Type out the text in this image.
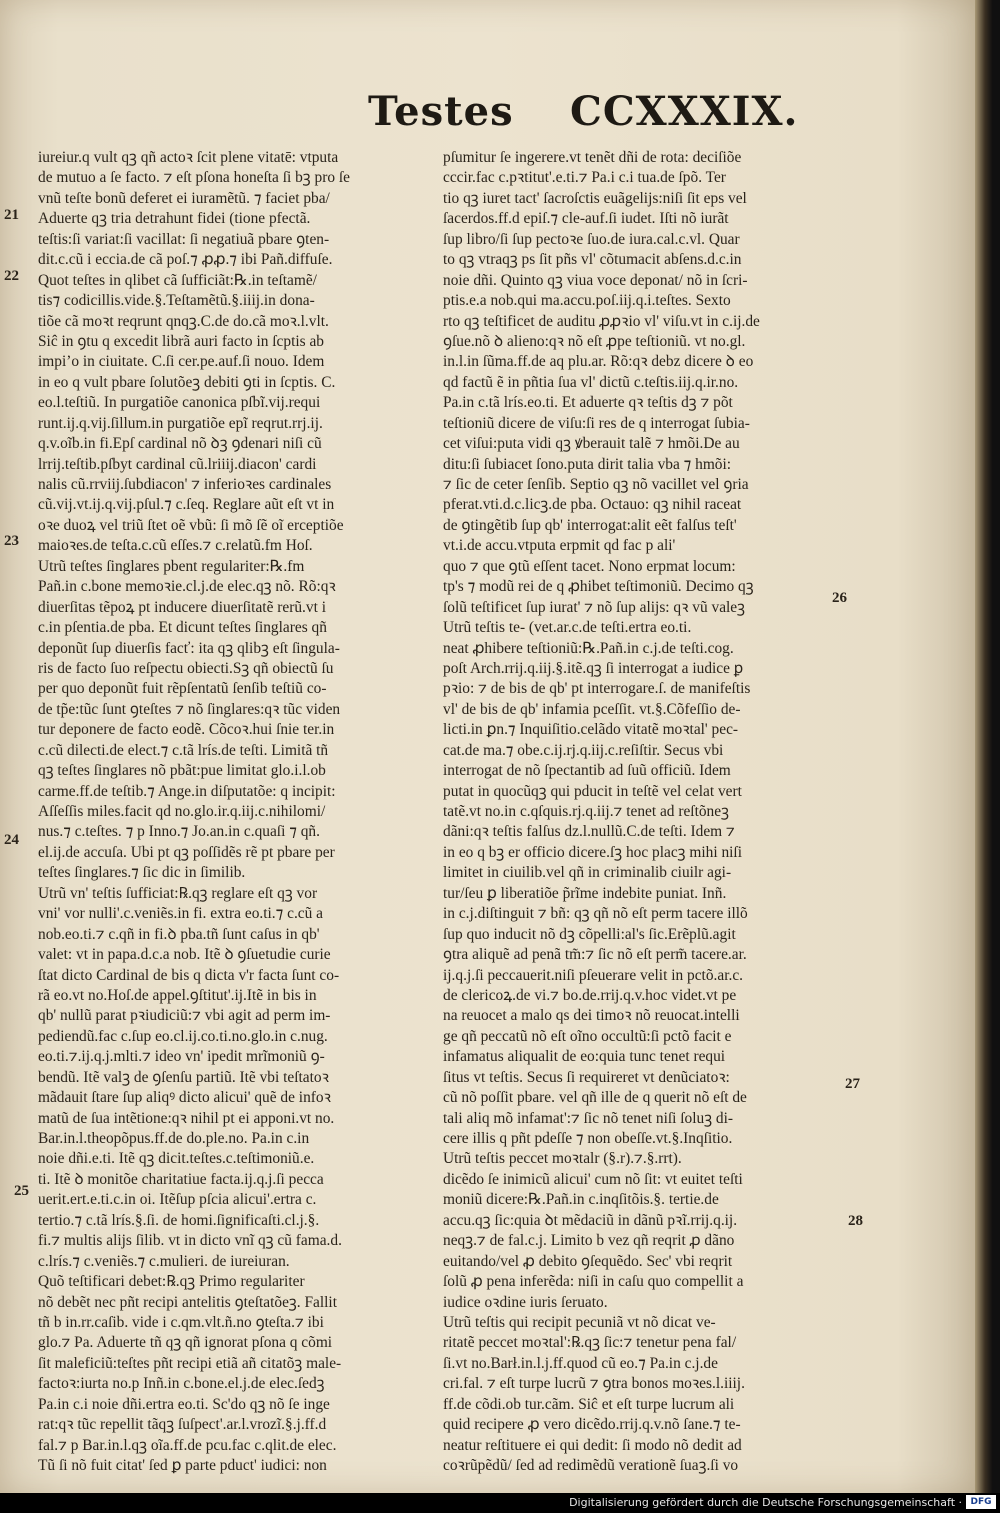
Testes CCXXXIX.
iureiur.q vult qꝫ qñ actoꝛ ſcit plene vitatē: vtputa
de mutuo a ſe facto. ⁊ eſt pſona honeſta ſi bꝫ pro ſe
vnũ teſte bonũ deferet ei iuramẽtũ. ⁊ faciet pba/
Aduerte qꝫ tria detrahunt fidei (tione pfectã.
teſtis:ſi variat:ſi vacillat: ſi negatiuã pbare ꝯten-
dit.c.cũ i eccia.de cã poſ.⁊ ꝓꝓ.⁊ ibi Pañ.diffuſe.
Quot teſtes in qlibet cã ſufficiãt:℞.in teſtamẽ/
tis⁊ codicillis.vide.§.Teſtamẽtũ.§.iiij.in dona-
tiõe cã moꝛt reqrunt qnqꝫ.C.de do.cã moꝛ.l.vlt.
Siĉ in ꝯtu q excedit librã auri facto in ſcptis ab
impiʼo in ciuitate. C.ſi cer.pe.auf.ſi nouo. Idem
in eo q vult pbare ſolutõeꝫ debiti ꝯti in ſcptis. C.
eo.l.teſtiũ. In purgatiõe canonica pſbĩ.vij.requi
runt.ij.q.vij.ſillum.in purgatiõe epĩ reqrut.rrj.ij.
q.v.oĩb.in fi.Epſ cardinal nõ ꝺꝫ ꝯdenari niſi cũ
lrrij.teſtib.pſbyt cardinal cũ.lriiij.diacon' cardi
nalis cũ.rrviij.ſubdiacon' ⁊ inferioꝛes cardinales
cũ.vij.vt.ij.q.vij.pſul.⁊ c.ſeq. Reglare aũt eſt vt in
oꝛe duoꝝ vel triũ ſtet oẽ vbũ: ſi mõ ſẽ oĩ erceptiõe
maioꝛes.de teſta.c.cũ eſſes.⁊ c.relatũ.fm Hoſ.
Utrũ teſtes ſinglares pbent regulariter:℞.fm
Pañ.in c.bone memoꝛie.cl.j.de elec.qꝫ nõ. Rõ:qꝛ
diuerſitas tẽpoꝝ pt inducere diuerſitatẽ rerũ.vt i
c.in pſentia.de pba. Et dicunt teſtes ſinglares qñ
deponũt ſup diuerſis facť: ita qꝫ qlibꝫ eſt ſingula-
ris de facto ſuo reſpectu obiecti.Sꝫ qñ obiectũ ſu
per quo deponũt fuit rẽpſentatũ ſenſib teſtiũ co-
de tp̃e:tũc ſunt ꝯteſtes ⁊ nõ ſinglares:qꝛ tũc viden
tur deponere de facto eodẽ. Cõcoꝛ.hui ſnie ter.in
c.cũ dilecti.de elect.⁊ c.tã lrís.de teſti. Limitã tñ
qꝫ teſtes ſinglares nõ pbãt:pue limitat glo.i.l.ob
carme.ff.de teſtib.⁊ Ange.in diſputatõe: q incipit:
Aſſeſſis miles.facit qd no.glo.ir.q.iij.c.nihilomi/
nus.⁊ c.teſtes. ⁊ p Inno.⁊ Jo.an.in c.quaſi ⁊ qñ.
el.ij.de accuſa. Ubi pt qꝫ poſſidẽs rẽ pt pbare per
teſtes ſinglares.⁊ ſic dic in ſimilib.
Utrũ vn' teſtis ſufficiat:℞.qꝫ reglare eſt qꝫ vor
vni' vor nulli'.c.veniẽs.in fi. extra eo.ti.⁊ c.cũ a
nob.eo.ti.⁊ c.qñ in fi.ꝺ pba.tñ ſunt caſus in qb'
valet: vt in papa.d.c.a nob. Itẽ ꝺ ꝯſuetudie curie
ſtat dicto Cardinal de bis q dicta v'r facta ſunt co-
rã eo.vt no.Hoſ.de appel.ꝯſtitut'.ij.Itẽ in bis in
qb' nullũ parat pꝛiudiciũ:⁊ vbi agit ad perm im-
pediendũ.fac c.ſup eo.cl.ij.co.ti.no.glo.in c.nug.
eo.ti.⁊.ij.q.j.mlti.⁊ ideo vn' ipedit mrĩmoniũ ꝯ-
bendũ. Itẽ valꝫ de ꝯſenſu partiũ. Itẽ vbi teſtatoꝛ
mãdauit ſtare ſup aliqꝰ dicto alicui' quẽ de infoꝛ
matũ de ſua intẽtione:qꝛ nihil pt ei apponi.vt no.
Bar.in.l.theopõpus.ff.de do.ple.no. Pa.in c.in
noie dñi.e.ti. Itẽ qꝫ dicit.teſtes.c.teſtimoniũ.e.
ti. Itẽ ꝺ monitõe charitatiue facta.ij.q.j.ſi pecca
uerit.ert.e.ti.c.in oi. Itẽſup pſcia alicui'.ertra c.
tertio.⁊ c.tã lrís.§.ſi. de homi.ſignificaſti.cl.j.§.
fi.⁊ multis alijs ſilib. vt in dicto vnĩ qꝫ cũ fama.d.
c.lrís.⁊ c.veniẽs.⁊ c.mulieri. de iureiuran.
Quõ teſtificari debet:℞.qꝫ Primo regulariter
nõ debẽt nec pñt recipi antelitis ꝯteſtatõeꝫ. Fallit
tñ b in.rr.caſib. vide i c.qm.vlt.ñ.no ꝯteſta.⁊ ibi
glo.⁊ Pa. Aduerte tñ qꝫ qñ ignorat pſona q cõmi
ſit maleficiũ:teſtes pñt recipi etiã añ citatõꝫ male-
factoꝛ:iurta no.p Inñ.in c.bone.el.j.de elec.ſedꝫ
Pa.in c.i noie dñi.ertra eo.ti. Sc'do qꝫ nõ ſe inge
rat:qꝛ tũc repellit tãqꝫ ſuſpect'.ar.l.vrozĩ.§.j.ff.d
fal.⁊ p Bar.in.l.qꝫ oĩa.ff.de pcu.fac c.qlit.de elec.
Tũ ſi nõ fuit citat' ſed ꝑ parte pduct' iudici: non
pſumitur ſe ingerere.vt tenẽt dñi de rota: deciſiõe
cccir.fac c.pꝛtitut'.e.ti.⁊ Pa.i c.i tua.de ſpõ. Ter
tio qꝫ iuret tact' ſacroſctis euãgelijs:niſi ſit eps vel
ſacerdos.ff.d epiſ.⁊ cle-auf.ſi iudet. Iſti nõ iurãt
ſup libro/ſi ſup pectoꝛe ſuo.de iura.cal.c.vl. Quar
to qꝫ vtraqꝫ ps ſit pñs vl' cõtumacit abſens.d.c.in
noie dñi. Quinto qꝫ viua voce deponat/ nõ in ſcri-
ptis.e.a nob.qui ma.accu.poſ.iij.q.i.teſtes. Sexto
rto qꝫ teſtificet de auditu ꝓꝓꝛio vl' viſu.vt in c.ij.de
ꝯſue.nõ ꝺ alieno:qꝛ nõ eſt ꝓpe teſtioniũ. vt no.gl.
in.l.in ſũma.ff.de aq plu.ar. Rõ:qꝛ debz dicere ꝺ eo
qd factũ ẽ in pñtia ſua vl' dictũ c.teſtis.iij.q.ir.no.
Pa.in c.tã lrís.eo.ti. Et aduerte qꝛ teſtis dꝫ ⁊ põt
teſtioniũ dicere de viſu:ſi res de q interrogat ſubia-
cet viſui:puta vidi qꝫ ꝟberauit talẽ ⁊ hmõi.De au
ditu:ſi ſubiacet ſono.puta dirit talia vba ⁊ hmõi:
⁊ ſic de ceter ſenſib. Septio qꝫ nõ vacillet vel ꝯria
pferat.vti.d.c.licꝫ.de pba. Octauo: qꝫ nihil raceat
de ꝯtingẽtib ſup qb' interrogat:alit eẽt falſus teſt'
vt.i.de accu.vtputa erpmit qd fac p ali'
quo ⁊ que ꝯtũ eſſent tacet. Nono erpmat locum:
tp's ⁊ modũ rei de q ꝓhibet teſtimoniũ. Decimo qꝫ
ſolũ teſtificet ſup iurat' ⁊ nõ ſup alijs: qꝛ vũ valeꝫ
Utrũ teſtis te- (vet.ar.c.de teſti.ertra eo.ti.
neat ꝓhibere teſtioniũ:℞.Pañ.in c.j.de teſti.cog.
poſt Arch.rrij.q.iij.§.itẽ.qꝫ ſi interrogat a iudice ꝑ
pꝛio: ⁊ de bis de qb' pt interrogare.ſ. de manifeſtis
vl' de bis de qb' infamia pceſſit. vt.§.Cõfeſſio de-
licti.in ꝑn.⁊ Inquiſitio.celãdo vitatẽ moꝛtal' pec-
cat.de ma.⁊ obe.c.ij.rj.q.iij.c.reſiſtir. Secus vbi
interrogat de nõ ſpectantib ad ſuũ officiũ. Idem
putat in quocũqꝫ qui pducit in teſtẽ vel celat vert
tatẽ.vt no.in c.qſquis.rj.q.iij.⁊ tenet ad reſtõneꝫ
dãni:qꝛ teſtis falſus dz.l.nullũ.C.de teſti. Idem ⁊
in eo q bꝫ er officio dicere.ſꝫ hoc placꝫ mihi niſi
limitet in ciuilib.vel qñ in criminalib ciuilr agi-
tur/ſeu ꝑ liberatiõe p̃rĩme indebite puniat. Inñ.
in c.j.diſtinguit ⁊ bñ: qꝫ qñ nõ eſt perm tacere illõ
ſup quo inducit nõ dꝫ cõpelli:al's ſic.Erẽplũ.agit
ꝯtra aliquẽ ad penã tm̃:⁊ ſic nõ eſt perm̃ tacere.ar.
ij.q.j.ſi peccauerit.niſi pſeuerare velit in pctõ.ar.c.
de clericoꝝ.de vi.⁊ bo.de.rrij.q.v.hoc videt.vt pe
na reuocet a malo qs dei timoꝛ nõ reuocat.intelli
ge qñ peccatũ nõ eſt oĩno occultũ:ſi pctõ facit e
infamatus aliqualit de eo:quia tunc tenet requi
ſitus vt teſtis. Secus ſi requireret vt denũciatoꝛ:
cũ nõ poſſit pbare. vel qñ ille de q querit nõ eſt de
tali aliq mõ infamat':⁊ ſic nõ tenet niſi ſoluꝫ di-
cere illis q pñt pdeſſe ⁊ non obeſſe.vt.§.Inqſitio.
Utrũ teſtis peccet moꝛtalr (§.r).⁊.§.rrt).
dicẽdo ſe inimicũ alicui' cum nõ ſit: vt euitet teſti
moniũ dicere:℞.Pañ.in c.inqſitõis.§. tertie.de
accu.qꝫ ſic:quia ꝺt mẽdaciũ in dãnũ pꝛĩ.rrij.q.ij.
neqꝫ.⁊ de fal.c.j. Limito b vez qñ reqrit ꝓ dãno
euitando/vel ꝓ debito ꝯſequẽdo. Sec' vbi reqrit
ſolũ ꝓ pena inferẽda: niſi in caſu quo compellit a
iudice oꝛdine iuris ſeruato.
Utrũ teſtis qui recipit pecuniã vt nõ dicat ve-
ritatẽ peccet moꝛtal':℞.qꝫ ſic:⁊ tenetur pena fal/
ſi.vt no.Barł.in.l.j.ff.quod cũ eo.⁊ Pa.in c.j.de
cri.fal. ⁊ eſt turpe lucrũ ⁊ ꝯtra bonos moꝛes.l.iiij.
ff.de cõdi.ob tur.cãm. Siĉ et eſt turpe lucrum ali
quid recipere ꝓ vero dicẽdo.rrij.q.v.nõ ſane.⁊ te-
neatur reſtituere ei qui dedit: ſi modo nõ dedit ad
coꝛrũpẽdũ/ ſed ad redimẽdũ verationẽ ſuaꝫ.ſi vo
21
22
23
24
25
26
27
28
Digitalisierung gefördert durch die Deutsche Forschungsgemeinschaft · DFG
